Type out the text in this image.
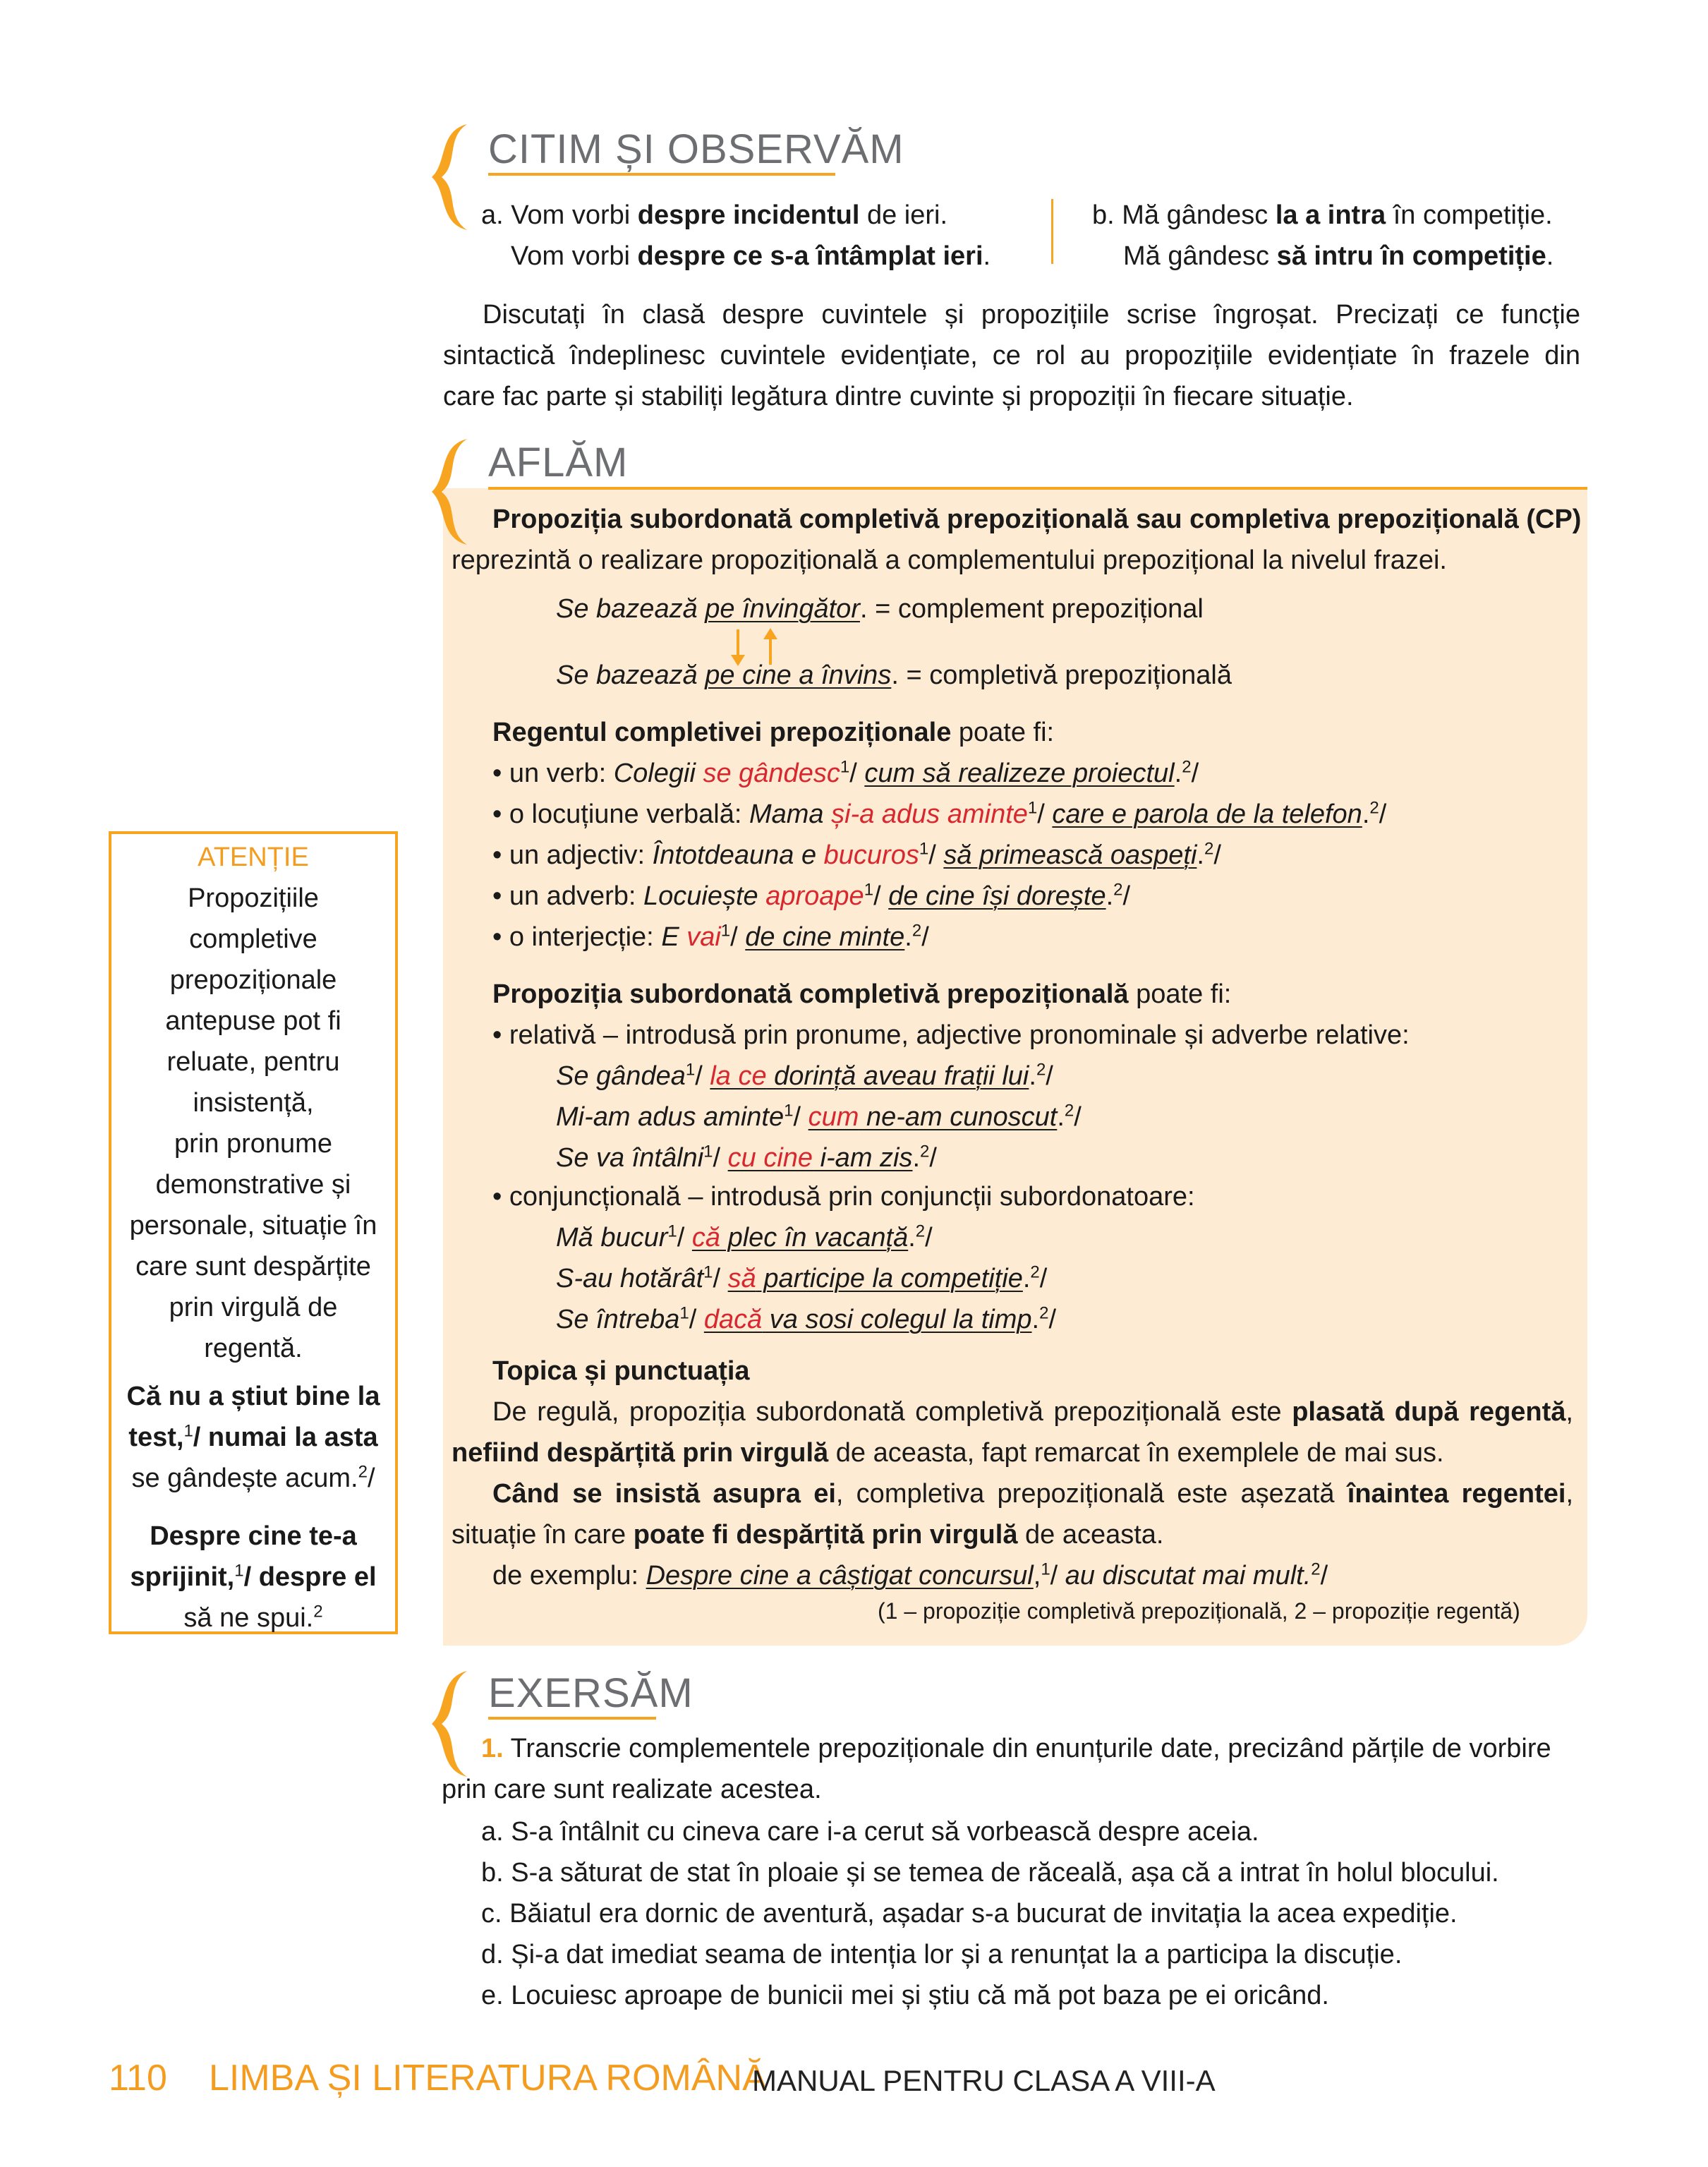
CITIM ȘI OBSERVĂM
a. Vom vorbi despre incidentul de ieri.
Vom vorbi despre ce s-a întâmplat ieri.
b. Mă gândesc la a intra în competiție.
Mă gândesc să intru în competiție.
Discutați în clasă despre cuvintele și propozițiile scrise îngroșat. Precizați ce funcție
sintactică îndeplinesc cuvintele evidențiate, ce rol au propozițiile evidențiate în frazele din
care fac parte și stabiliți legătura dintre cuvinte și propoziții în fiecare situație.
AFLĂM
Propoziția subordonată completivă prepozițională sau completiva prepozițională (CP)
reprezintă o realizare propozițională a complementului prepozițional la nivelul frazei.
Se bazează pe învingător. = complement prepozițional
Se bazează pe cine a învins. = completivă prepozițională
Regentul completivei prepoziționale poate fi:
• un verb: Colegii se gândesc$^1$/ cum să realizeze proiectul.$^2$/
• o locuțiune verbală: Mama și-a adus aminte$^1$/ care e parola de la telefon.$^2$/
• un adjectiv: Întotdeauna e bucuros$^1$/ să primească oaspeți.$^2$/
• un adverb: Locuiește aproape$^1$/ de cine își dorește.$^2$/
• o interjecție: E vai$^1$/ de cine minte.$^2$/
Propoziția subordonată completivă prepozițională poate fi:
• relativă – introdusă prin pronume, adjective pronominale și adverbe relative:
Se gândea$^1$/ la ce dorință aveau frații lui.$^2$/
Mi-am adus aminte$^1$/ cum ne-am cunoscut.$^2$/
Se va întâlni$^1$/ cu cine i-am zis.$^2$/
• conjuncțională – introdusă prin conjuncții subordonatoare:
Mă bucur$^1$/ că plec în vacanță.$^2$/
S-au hotărât$^1$/ să participe la competiție.$^2$/
Se întreba$^1$/ dacă va sosi colegul la timp.$^2$/
Topica și punctuația
De regulă, propoziția subordonată completivă prepozițională este plasată după regentă,
nefiind despărțită prin virgulă de aceasta, fapt remarcat în exemplele de mai sus.
Când se insistă asupra ei, completiva prepozițională este așezată înaintea regentei,
situație în care poate fi despărțită prin virgulă de aceasta.
de exemplu: Despre cine a câștigat concursul,$^1$/ au discutat mai mult.$^2$/
(1 – propoziție completivă prepozițională, 2 – propoziție regentă)
ATENȚIE
Propozițiile
completive
prepoziționale
antepuse pot fi
reluate, pentru
insistență,
prin pronume
demonstrative și
personale, situație în
care sunt despărțite
prin virgulă de
regentă.
Că nu a știut bine la
test,$^1$/ numai la asta
se gândește acum.$^2$/
Despre cine te-a
sprijinit,$^1$/ despre el
să ne spui.$^2$
EXERSĂM
1. Transcrie complementele prepoziționale din enunțurile date, precizând părțile de vorbire
prin care sunt realizate acestea.
a. S-a întâlnit cu cineva care i-a cerut să vorbească despre aceia.
b. S-a săturat de stat în ploaie și se temea de răceală, așa că a intrat în holul blocului.
c. Băiatul era dornic de aventură, așadar s-a bucurat de invitația la acea expediție.
d. Și-a dat imediat seama de intenția lor și a renunțat la a participa la discuție.
e. Locuiesc aproape de bunicii mei și știu că mă pot baza pe ei oricând.
110 LIMBA ȘI LITERATURA ROMÂNĂ
MANUAL PENTRU CLASA A VIII-A
